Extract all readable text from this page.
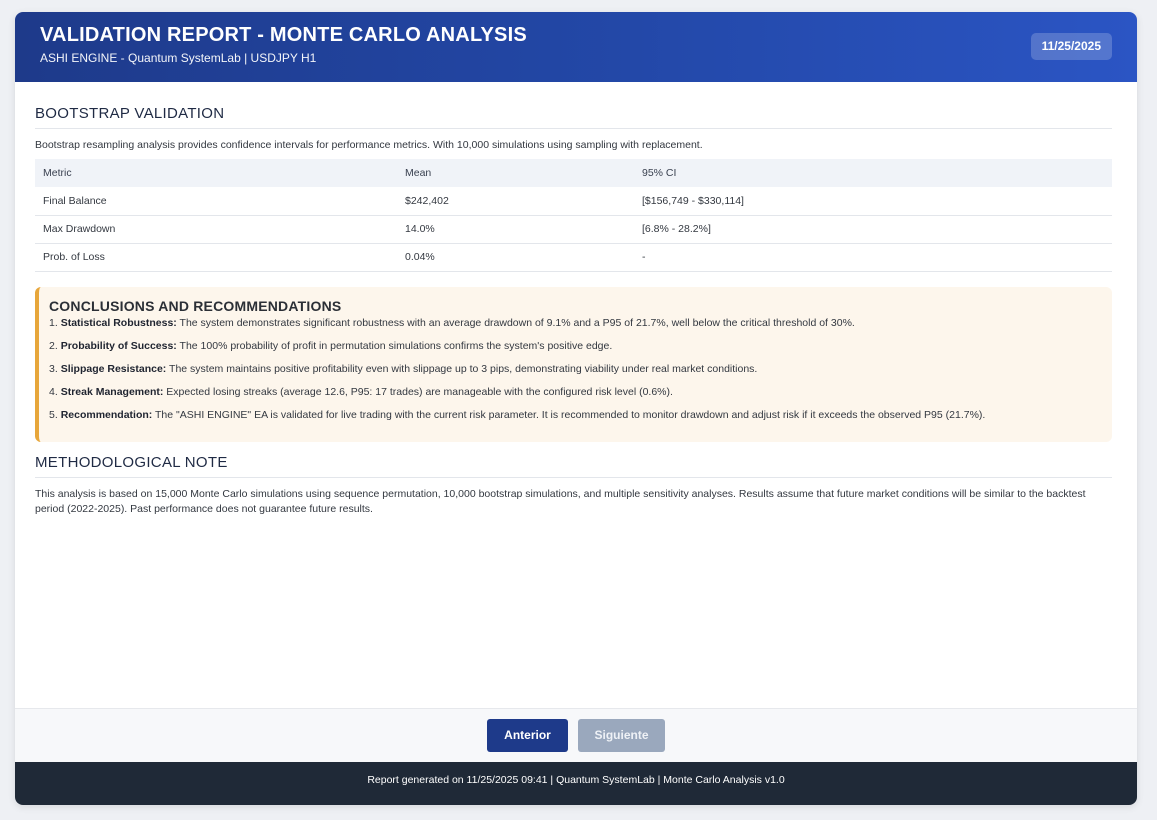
VALIDATION REPORT - MONTE CARLO ANALYSIS
ASHI ENGINE - Quantum SystemLab | USDJPY H1
11/25/2025
BOOTSTRAP VALIDATION
Bootstrap resampling analysis provides confidence intervals for performance metrics. With 10,000 simulations using sampling with replacement.
Metric	Mean	95% CI
Final Balance	$242,402	[$156,749 - $330,114]
Max Drawdown	14.0%	[6.8% - 28.2%]
Prob. of Loss	0.04%	-
CONCLUSIONS AND RECOMMENDATIONS
1. Statistical Robustness: The system demonstrates significant robustness with an average drawdown of 9.1% and a P95 of 21.7%, well below the critical threshold of 30%.
2. Probability of Success: The 100% probability of profit in permutation simulations confirms the system's positive edge.
3. Slippage Resistance: The system maintains positive profitability even with slippage up to 3 pips, demonstrating viability under real market conditions.
4. Streak Management: Expected losing streaks (average 12.6, P95: 17 trades) are manageable with the configured risk level (0.6%).
5. Recommendation: The "ASHI ENGINE" EA is validated for live trading with the current risk parameter. It is recommended to monitor drawdown and adjust risk if it exceeds the observed P95 (21.7%).
METHODOLOGICAL NOTE
This analysis is based on 15,000 Monte Carlo simulations using sequence permutation, 10,000 bootstrap simulations, and multiple sensitivity analyses. Results assume that future market conditions will be similar to the backtest period (2022-2025). Past performance does not guarantee future results.
Anterior	Siguiente
Report generated on 11/25/2025 09:41 | Quantum SystemLab | Monte Carlo Analysis v1.0
